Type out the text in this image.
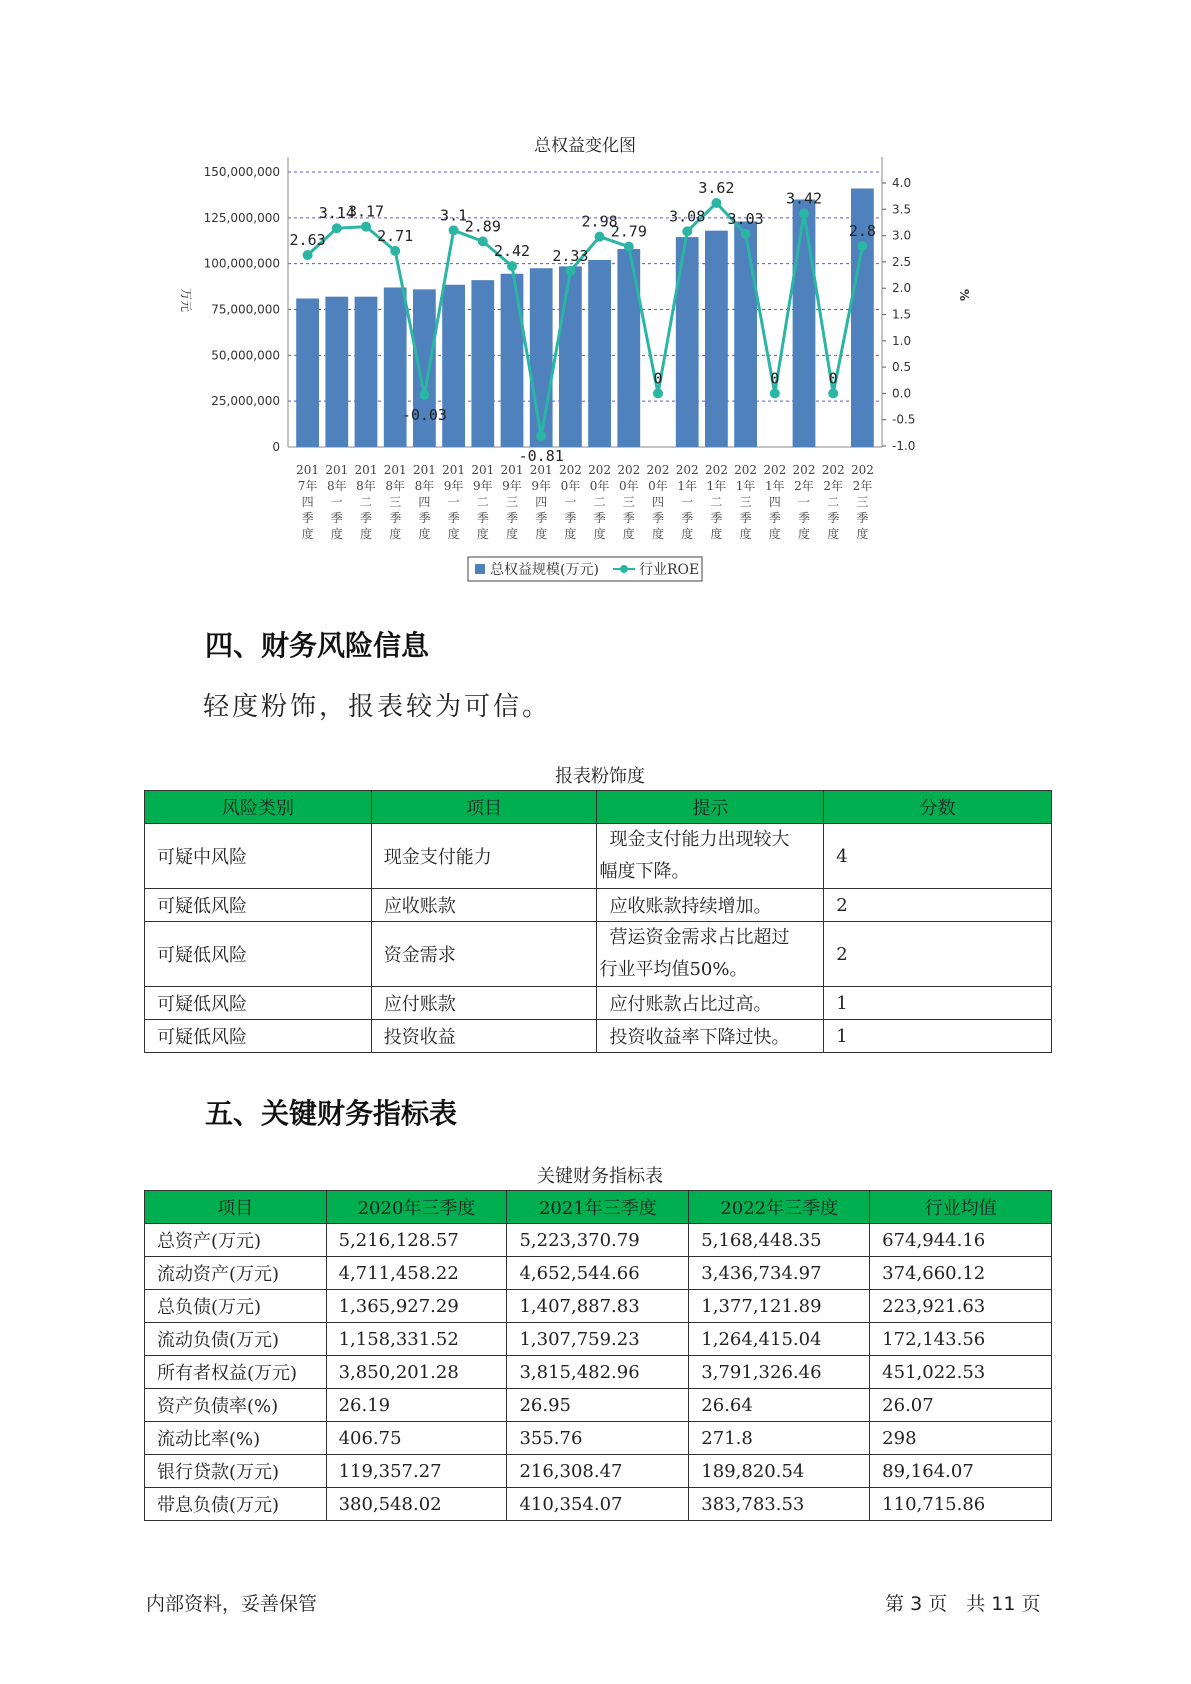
总权益变化图
0
25,000,000
50,000,000
75,000,000
100,000,000
125,000,000
150,000,000
-1.0
-0.5
0.0
0.5
1.0
1.5
2.0
2.5
3.0
3.5
4.0
万元	%
201 7年四季度
201 8年一季度
201 8年二季度
201 8年三季度
201 8年四季度
201 9年一季度
201 9年二季度
201 9年三季度
201 9年四季度
202 0年一季度
202 0年二季度
202 0年三季度
202 0年四季度
202 1年一季度
202 1年二季度
202 1年三季度
202 1年四季度
202 2年一季度
202 2年二季度
202 2年三季度
2.63
3.14
3.17
2.71
-0.03
3.1
2.89
2.42
-0.81
2.33
2.98
2.79
0
3.08
3.62
3.03
0
3.42
0
2.8
总权益规模(万元)	行业ROE
四、财务风险信息

轻度粉饰，报表较为可信。

报表粉饰度

风险类别	项目	提示	分数
可疑中风险	现金支付能力	现金支付能力出现较大
幅度下降。	4
可疑低风险	应收账款	应收账款持续增加。	2
可疑低风险	资金需求	营运资金需求占比超过
行业平均值50%。	2
可疑低风险	应付账款	应付账款占比过高。	1
可疑低风险	投资收益	投资收益率下降过快。	1
五、关键财务指标表

关键财务指标表

项目	2020年三季度	2021年三季度	2022年三季度	行业均值
总资产(万元)	5,216,128.57	5,223,370.79	5,168,448.35	674,944.16
流动资产(万元)	4,711,458.22	4,652,544.66	3,436,734.97	374,660.12
总负债(万元)	1,365,927.29	1,407,887.83	1,377,121.89	223,921.63
流动负债(万元)	1,158,331.52	1,307,759.23	1,264,415.04	172,143.56
所有者权益(万元)	3,850,201.28	3,815,482.96	3,791,326.46	451,022.53
资产负债率(%)	26.19	26.95	26.64	26.07
流动比率(%)	406.75	355.76	271.8	298
银行贷款(万元)	119,357.27	216,308.47	189,820.54	89,164.07
带息负债(万元)	380,548.02	410,354.07	383,783.53	110,715.86

内部资料，妥善保管	第 3 页　共 11 页
